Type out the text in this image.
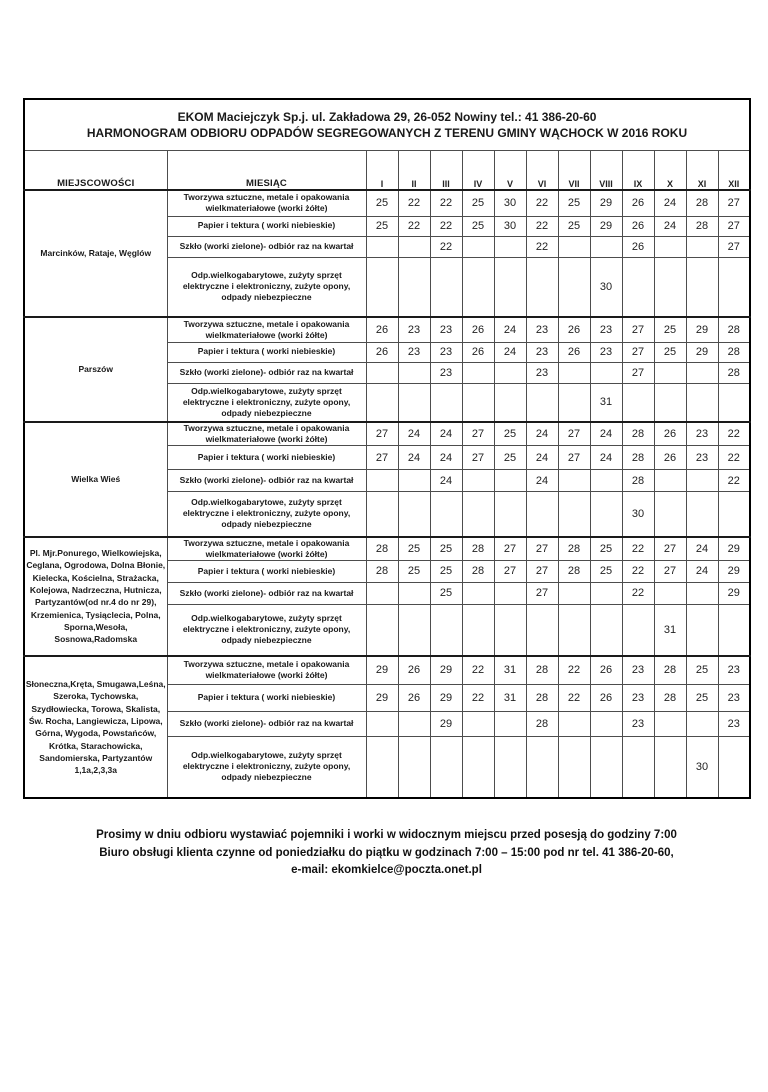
EKOM Maciejczyk Sp.j. ul. Zakładowa 29, 26-052 Nowiny tel.: 41 386-20-60
HARMONOGRAM ODBIORU ODPADÓW SEGREGOWANYCH Z TERENU GMINY WĄCHOCK W 2016 ROKU													

MIEJSCOWOŚCI	MIESIĄC	I	II	III	IV	V	VI	VII	VIII	IX	X	XI	XII
Marcinków, Rataje, Węglów	Tworzywa sztuczne, metale i opakowania wielkmateriałowe (worki żółte)	25	22	22	25	30	22	25	29	26	24	28	27
	Papier i tektura ( worki niebieskie)	25	22	22	25	30	22	25	29	26	24	28	27
	Szkło (worki zielone)- odbiór raz na kwartał			22			22			26			27
	Odp.wielkogabarytowe, zużyty sprzęt elektryczne i elektroniczny, zużyte opony, odpady niebezpieczne								30				
Parszów	Tworzywa sztuczne, metale i opakowania wielkmateriałowe (worki żółte)	26	23	23	26	24	23	26	23	27	25	29	28
	Papier i tektura ( worki niebieskie)	26	23	23	26	24	23	26	23	27	25	29	28
	Szkło (worki zielone)- odbiór raz na kwartał			23			23			27			28
	Odp.wielkogabarytowe, zużyty sprzęt elektryczne i elektroniczny, zużyte opony, odpady niebezpieczne								31				
Wielka Wieś	Tworzywa sztuczne, metale i opakowania wielkmateriałowe (worki żółte)	27	24	24	27	25	24	27	24	28	26	23	22
	Papier i tektura ( worki niebieskie)	27	24	24	27	25	24	27	24	28	26	23	22
	Szkło (worki zielone)- odbiór raz na kwartał			24			24			28			22
	Odp.wielkogabarytowe, zużyty sprzęt elektryczne i elektroniczny, zużyte opony, odpady niebezpieczne									30			
Pl. Mjr.Ponurego, Wielkowiejska, Ceglana, Ogrodowa, Dolna Błonie, Kielecka, Kościelna, Strażacka, Kolejowa, Nadrzeczna, Hutnicza, Partyzantów(od nr.4 do nr 29), Krzemienica, Tysiąclecia, Polna, Sporna,Wesoła, Sosnowa,Radomska	Tworzywa sztuczne, metale i opakowania wielkmateriałowe (worki żółte)	28	25	25	28	27	27	28	25	22	27	24	29
	Papier i tektura ( worki niebieskie)	28	25	25	28	27	27	28	25	22	27	24	29
	Szkło (worki zielone)- odbiór raz na kwartał			25			27			22			29
	Odp.wielkogabarytowe, zużyty sprzęt elektryczne i elektroniczny, zużyte opony, odpady niebezpieczne										31		
Słoneczna,Kręta, Smugawa,Leśna, Szeroka, Tychowska, Szydłowiecka, Torowa, Skalista, Św. Rocha, Langiewicza, Lipowa, Górna, Wygoda, Powstańców, Krótka, Starachowicka, Sandomierska, Partyzantów 1,1a,2,3,3a	Tworzywa sztuczne, metale i opakowania wielkmateriałowe (worki żółte)	29	26	29	22	31	28	22	26	23	28	25	23
	Papier i tektura ( worki niebieskie)	29	26	29	22	31	28	22	26	23	28	25	23
	Szkło (worki zielone)- odbiór raz na kwartał			29			28			23			23
	Odp.wielkogabarytowe, zużyty sprzęt elektryczne i elektroniczny, zużyte opony, odpady niebezpieczne											30	
Prosimy w dniu odbioru wystawiać pojemniki i worki w widocznym miejscu przed posesją do godziny 7:00
Biuro obsługi klienta czynne od poniedziałku do piątku w godzinach 7:00 – 15:00 pod nr tel. 41 386-20-60,
e-mail: ekomkielce@poczta.onet.pl
